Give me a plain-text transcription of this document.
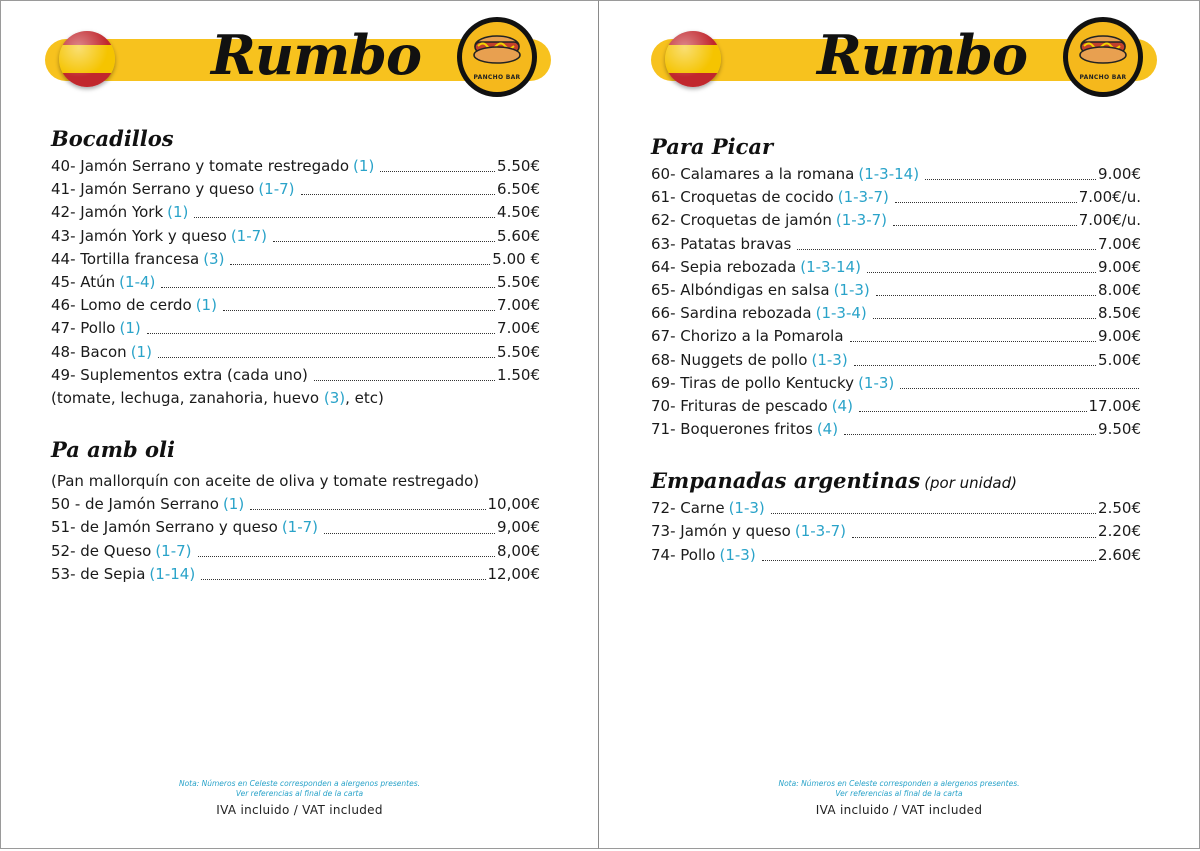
Rumbo	PANCHO BAR
Bocadillos
40- Jamón Serrano y tomate restregado (1)	5.50€
41- Jamón Serrano y queso (1-7)	6.50€
42- Jamón York (1)	4.50€
43- Jamón York y queso (1-7)	5.60€
44- Tortilla francesa (3)	5.00 €
45- Atún (1-4)	5.50€
46- Lomo de cerdo (1)	7.00€
47- Pollo (1)	7.00€
48- Bacon (1)	5.50€
49- Suplementos extra (cada uno)	1.50€
(tomate, lechuga, zanahoria, huevo (3), etc)
Pa amb oli
(Pan mallorquín con aceite de oliva y tomate restregado)
50 - de Jamón Serrano (1)	10,00€
51- de Jamón Serrano y queso (1-7)	9,00€
52- de Queso (1-7)	8,00€
53- de Sepia (1-14)	12,00€
Nota: Números en Celeste corresponden a alergenos presentes.
Ver referencias al final de la carta
IVA incluido / VAT included
Rumbo	PANCHO BAR
Para Picar
60- Calamares a la romana (1-3-14)	9.00€
61- Croquetas de cocido (1-3-7)	7.00€/u.
62- Croquetas de jamón (1-3-7)	7.00€/u.
63- Patatas bravas	7.00€
64- Sepia rebozada (1-3-14)	9.00€
65- Albóndigas en salsa (1-3)	8.00€
66- Sardina rebozada (1-3-4)	8.50€
67- Chorizo a la Pomarola	9.00€
68- Nuggets de pollo (1-3)	5.00€
69- Tiras de pollo Kentucky (1-3)
70- Frituras de pescado (4)	17.00€
71- Boquerones fritos (4)	9.50€
Empanadas argentinas (por unidad)
72- Carne (1-3)	2.50€
73- Jamón y queso (1-3-7)	2.20€
74- Pollo (1-3)	2.60€
Nota: Números en Celeste corresponden a alergenos presentes.
Ver referencias al final de la carta
IVA incluido / VAT included
